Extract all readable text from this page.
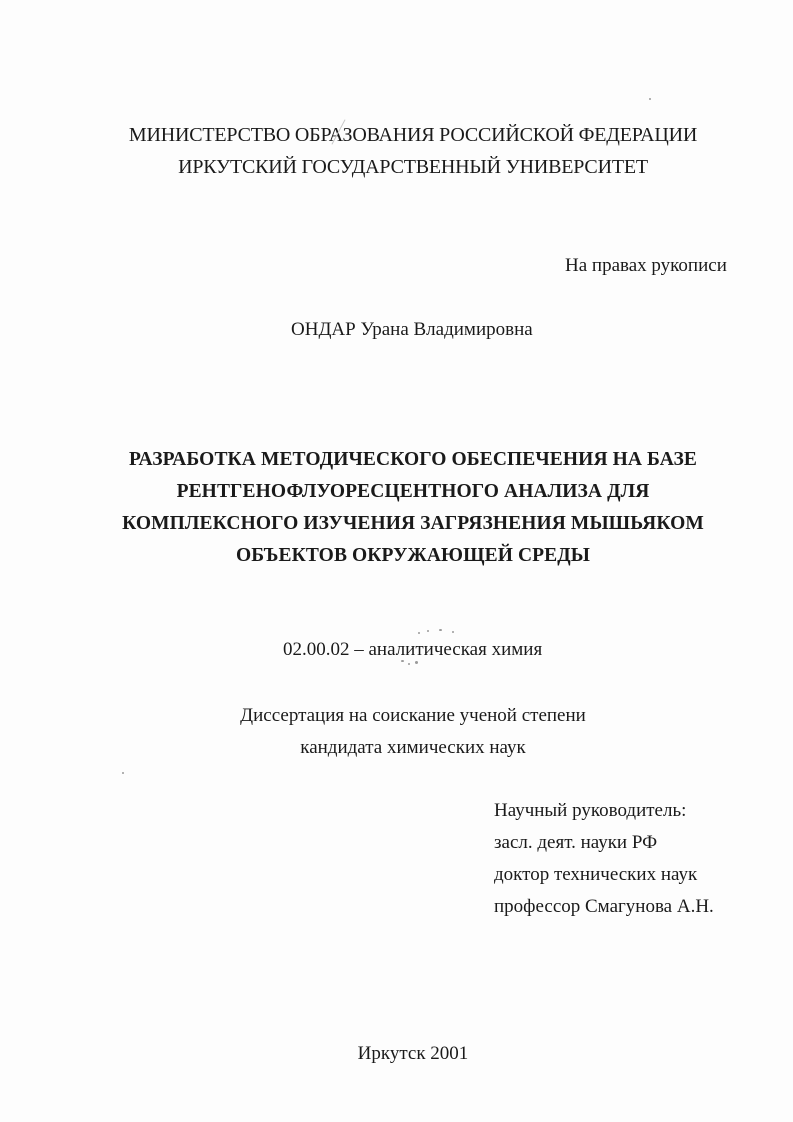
МИНИСТЕРСТВО ОБРАЗОВАНИЯ РОССИЙСКОЙ ФЕДЕРАЦИИ
ИРКУТСКИЙ ГОСУДАРСТВЕННЫЙ УНИВЕРСИТЕТ
На правах рукописи
ОНДАР Урана Владимировна
РАЗРАБОТКА МЕТОДИЧЕСКОГО ОБЕСПЕЧЕНИЯ НА БАЗЕ
РЕНТГЕНОФЛУОРЕСЦЕНТНОГО АНАЛИЗА ДЛЯ
КОМПЛЕКСНОГО ИЗУЧЕНИЯ ЗАГРЯЗНЕНИЯ МЫШЬЯКОМ
ОБЪЕКТОВ ОКРУЖАЮЩЕЙ СРЕДЫ
02.00.02 – аналитическая химия
Диссертация на соискание ученой степени
кандидата химических наук
Научный руководитель:
засл. деят. науки РФ
доктор технических наук
профессор Смагунова А.Н.
Иркутск 2001
